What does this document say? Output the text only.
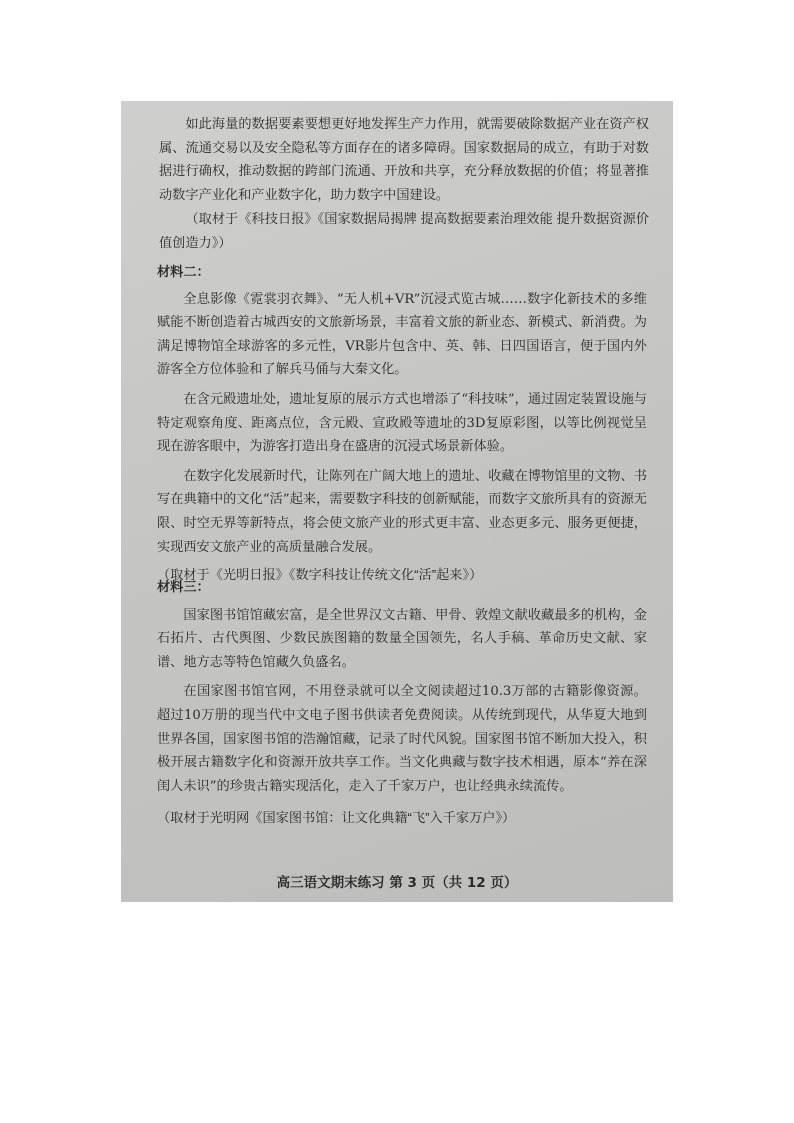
如此海量的数据要素要想更好地发挥生产力作用，就需要破除数据产业在资产权属、流通交易以及安全隐私等方面存在的诸多障碍。国家数据局的成立，有助于对数据进行确权，推动数据的跨部门流通、开放和共享，充分释放数据的价值；将显著推动数字产业化和产业数字化，助力数字中国建设。

（取材于《科技日报》《国家数据局揭牌 提高数据要素治理效能 提升数据资源价值创造力》）

材料二：

全息影像《霓裳羽衣舞》、“无人机+VR”沉浸式览古城……数字化新技术的多维赋能不断创造着古城西安的文旅新场景，丰富着文旅的新业态、新模式、新消费。为满足博物馆全球游客的多元性，VR影片包含中、英、韩、日四国语言，便于国内外游客全方位体验和了解兵马俑与大秦文化。

在含元殿遗址处，遗址复原的展示方式也增添了“科技味”，通过固定装置设施与特定观察角度、距离点位，含元殿、宣政殿等遗址的3D复原彩图，以等比例视觉呈现在游客眼中，为游客打造出身在盛唐的沉浸式场景新体验。

在数字化发展新时代，让陈列在广阔大地上的遗址、收藏在博物馆里的文物、书写在典籍中的文化“活”起来，需要数字科技的创新赋能，而数字文旅所具有的资源无限、时空无界等新特点，将会使文旅产业的形式更丰富、业态更多元、服务更便捷，实现西安文旅产业的高质量融合发展。

（取材于《光明日报》《数字科技让传统文化“活”起来》）

材料三：

国家图书馆馆藏宏富，是全世界汉文古籍、甲骨、敦煌文献收藏最多的机构，金石拓片、古代舆图、少数民族图籍的数量全国领先，名人手稿、革命历史文献、家谱、地方志等特色馆藏久负盛名。

在国家图书馆官网，不用登录就可以全文阅读超过10.3万部的古籍影像资源。超过10万册的现当代中文电子图书供读者免费阅读。从传统到现代，从华夏大地到世界各国，国家图书馆的浩瀚馆藏，记录了时代风貌。国家图书馆不断加大投入，积极开展古籍数字化和资源开放共享工作。当文化典藏与数字技术相遇，原本“养在深闺人未识”的珍贵古籍实现活化，走入了千家万户，也让经典永续流传。

（取材于光明网《国家图书馆：让文化典籍“飞”入千家万户》）

高三语文期末练习 第 3 页（共 12 页）
